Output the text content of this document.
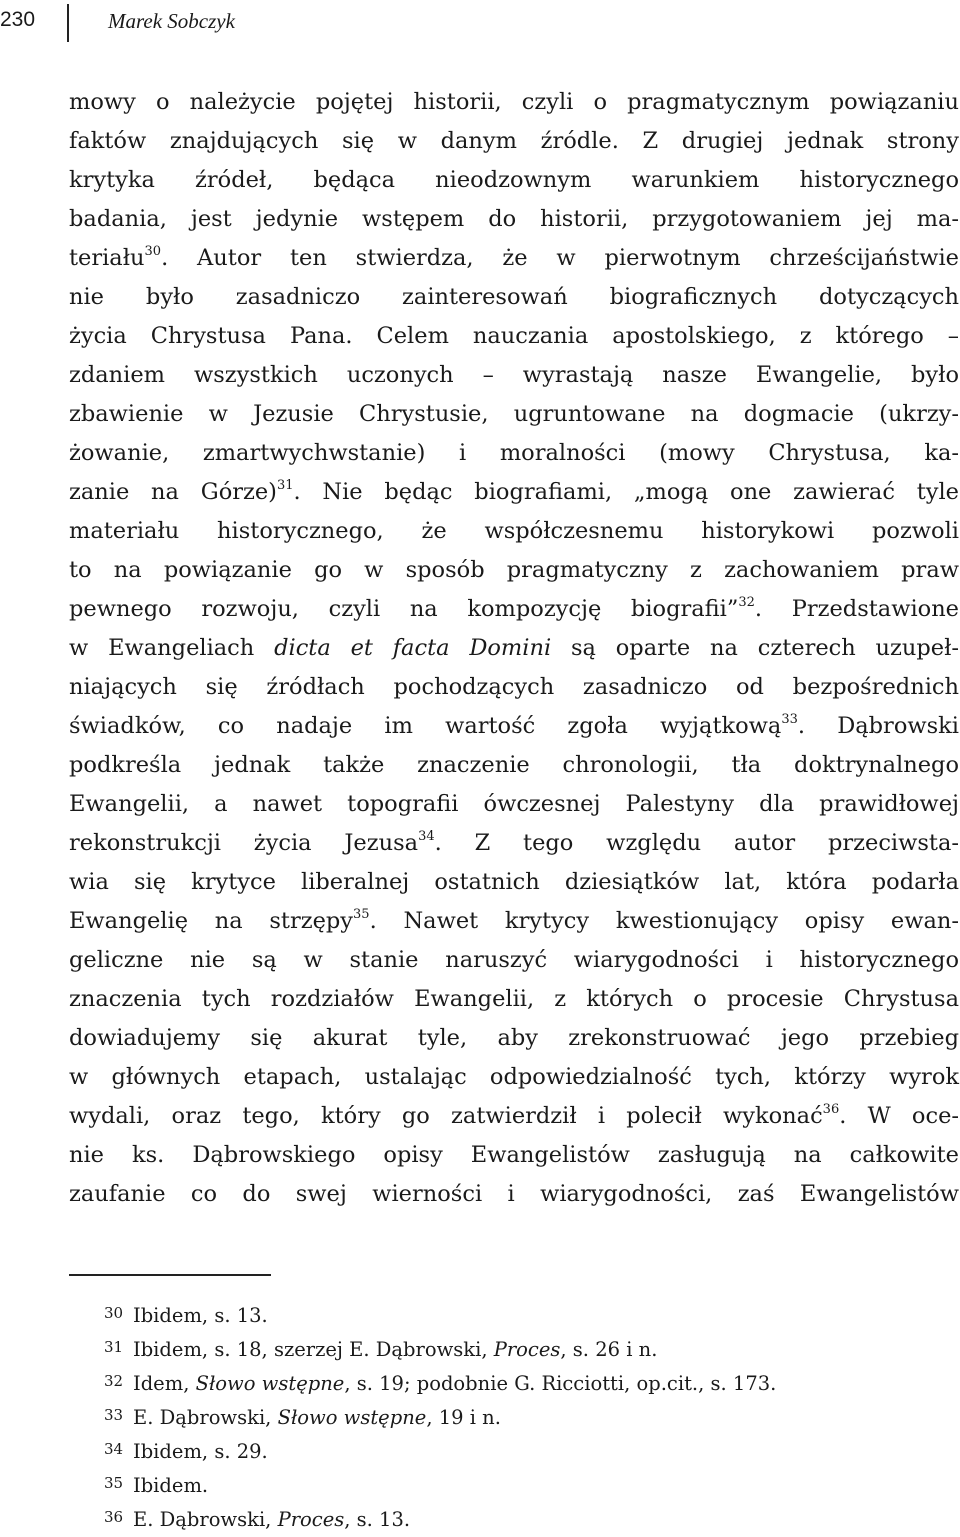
230	Marek Sobczyk
mowy o należycie pojętej historii, czyli o pragmatycznym powiązaniu
faktów znajdujących się w danym źródle. Z drugiej jednak strony
krytyka źródeł, będąca nieodzownym warunkiem historycznego
badania, jest jedynie wstępem do historii, przygotowaniem jej ma-
teriału$^{30}$. Autor ten stwierdza, że w pierwotnym chrześcijaństwie
nie było zasadniczo zainteresowań biograficznych dotyczących
życia Chrystusa Pana. Celem nauczania apostolskiego, z którego –
zdaniem wszystkich uczonych – wyrastają nasze Ewangelie, było
zbawienie w Jezusie Chrystusie, ugruntowane na dogmacie (ukrzy-
żowanie, zmartwychwstanie) i moralności (mowy Chrystusa, ka-
zanie na Górze)$^{31}$. Nie będąc biografiami, „mogą one zawierać tyle
materiału historycznego, że współczesnemu historykowi pozwoli
to na powiązanie go w sposób pragmatyczny z zachowaniem praw
pewnego rozwoju, czyli na kompozycję biografii”$^{32}$. Przedstawione
w Ewangeliach dicta et facta Domini są oparte na czterech uzupeł-
niających się źródłach pochodzących zasadniczo od bezpośrednich
świadków, co nadaje im wartość zgoła wyjątkową$^{33}$. Dąbrowski
podkreśla jednak także znaczenie chronologii, tła doktrynalnego
Ewangelii, a nawet topografii ówczesnej Palestyny dla prawidłowej
rekonstrukcji życia Jezusa$^{34}$. Z tego względu autor przeciwsta-
wia się krytyce liberalnej ostatnich dziesiątków lat, która podarła
Ewangelię na strzępy$^{35}$. Nawet krytycy kwestionujący opisy ewan-
geliczne nie są w stanie naruszyć wiarygodności i historycznego
znaczenia tych rozdziałów Ewangelii, z których o procesie Chrystusa
dowiadujemy się akurat tyle, aby zrekonstruować jego przebieg
w głównych etapach, ustalając odpowiedzialność tych, którzy wyrok
wydali, oraz tego, który go zatwierdził i polecił wykonać$^{36}$. W oce-
nie ks. Dąbrowskiego opisy Ewangelistów zasługują na całkowite
zaufanie co do swej wierności i wiarygodności, zaś Ewangelistów
30 Ibidem, s. 13.
31 Ibidem, s. 18, szerzej E. Dąbrowski, Proces, s. 26 i n.
32 Idem, Słowo wstępne, s. 19; podobnie G. Ricciotti, op.cit., s. 173.
33 E. Dąbrowski, Słowo wstępne, 19 i n.
34 Ibidem, s. 29.
35 Ibidem.
36 E. Dąbrowski, Proces, s. 13.
